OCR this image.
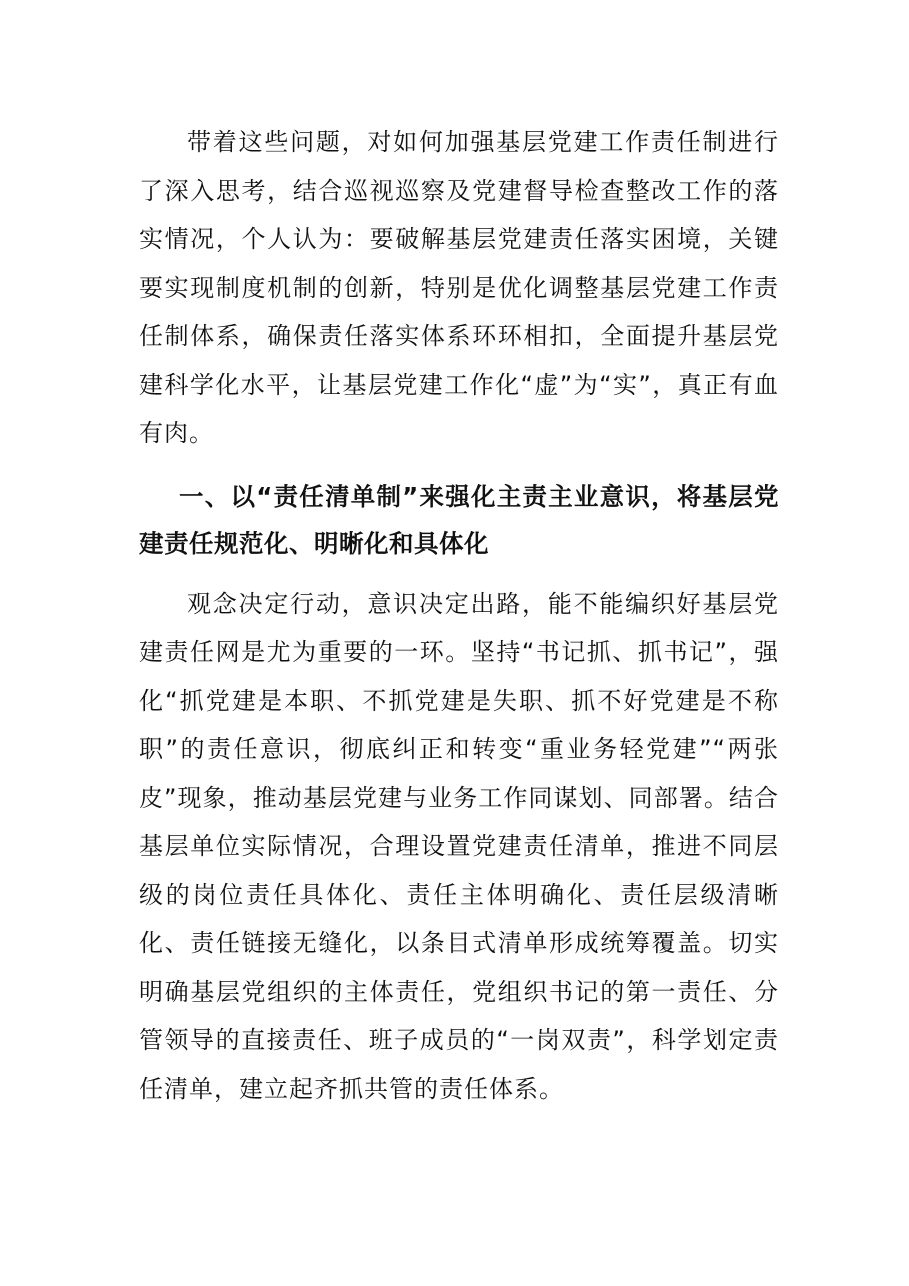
带着这些问题，对如何加强基层党建工作责任制进行了深入思考，结合巡视巡察及党建督导检查整改工作的落实情况，个人认为：要破解基层党建责任落实困境，关键要实现制度机制的创新，特别是优化调整基层党建工作责任制体系，确保责任落实体系环环相扣，全面提升基层党建科学化水平，让基层党建工作化“虚”为“实”，真正有血有肉。

一、以“责任清单制”来强化主责主业意识，将基层党建责任规范化、明晰化和具体化

观念决定行动，意识决定出路，能不能编织好基层党建责任网是尤为重要的一环。坚持“书记抓、抓书记”，强化“抓党建是本职、不抓党建是失职、抓不好党建是不称职”的责任意识，彻底纠正和转变“重业务轻党建”“两张皮”现象，推动基层党建与业务工作同谋划、同部署。结合基层单位实际情况，合理设置党建责任清单，推进不同层级的岗位责任具体化、责任主体明确化、责任层级清晰化、责任链接无缝化，以条目式清单形成统筹覆盖。切实明确基层党组织的主体责任，党组织书记的第一责任、分管领导的直接责任、班子成员的“一岗双责”，科学划定责任清单，建立起齐抓共管的责任体系。
